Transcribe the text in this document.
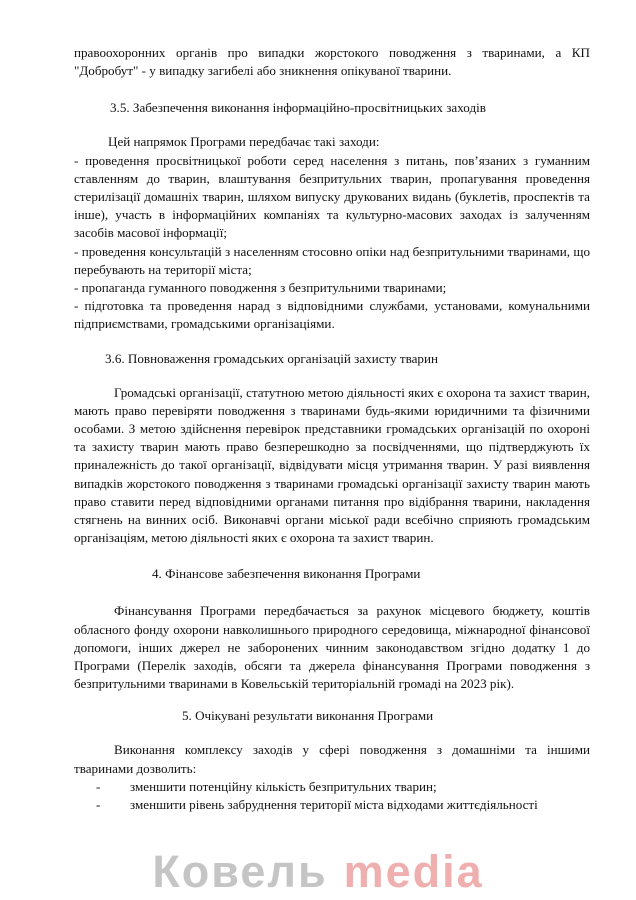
правоохоронних органів про випадки жорстокого поводження з тваринами, а КП "Добробут" - у випадку загибелі або зникнення опікуваної тварини.

3.5. Забезпечення виконання інформаційно-просвітницьких заходів

Цей напрямок Програми передбачає такі заходи:

- проведення просвітницької роботи серед населення з питань, пов’язаних з гуманним ставленням до тварин, влаштування безпритульних тварин, пропагування проведення стерилізації домашніх тварин, шляхом випуску друкованих видань (буклетів, проспектів та інше), участь в інформаційних компаніях та культурно-масових заходах із залученням засобів масової інформації;

- проведення консультацій з населенням стосовно опіки над безпритульними тваринами, що перебувають на території міста;

- пропаганда гуманного поводження з безпритульними тваринами;

- підготовка та проведення нарад з відповідними службами, установами, комунальними підприємствами, громадськими організаціями.

3.6. Повноваження громадських організацій захисту тварин

Громадські організації, статутною метою діяльності яких є охорона та захист тварин, мають право перевіряти поводження з тваринами будь-якими юридичними та фізичними особами. З метою здійснення перевірок представники громадських організацій по охороні та захисту тварин мають право безперешкодно за посвідченнями, що підтверджують їх приналежність до такої організації, відвідувати місця утримання тварин. У разі виявлення випадків жорстокого поводження з тваринами громадські організації захисту тварин мають право ставити перед відповідними органами питання про відібрання тварини, накладення стягнень на винних осіб. Виконавчі органи міської ради всебічно сприяють громадським організаціям, метою діяльності яких є охорона та захист тварин.

4. Фінансове забезпечення виконання Програми

Фінансування Програми передбачається за рахунок місцевого бюджету, коштів обласного фонду охорони навколишнього природного середовища, міжнародної фінансової допомоги, інших джерел не заборонених чинним законодавством згідно додатку 1 до Програми (Перелік заходів, обсяги та джерела фінансування Програми поводження з безпритульними тваринами в Ковельській територіальній громаді на 2023 рік).

5. Очікувані результати виконання Програми

Виконання комплексу заходів у сфері поводження з домашніми та іншими тваринами дозволить:

-	зменшити потенційну кількість безпритульних тварин;
-	зменшити рівень забруднення території міста відходами життєдіяльності
Ковель media
